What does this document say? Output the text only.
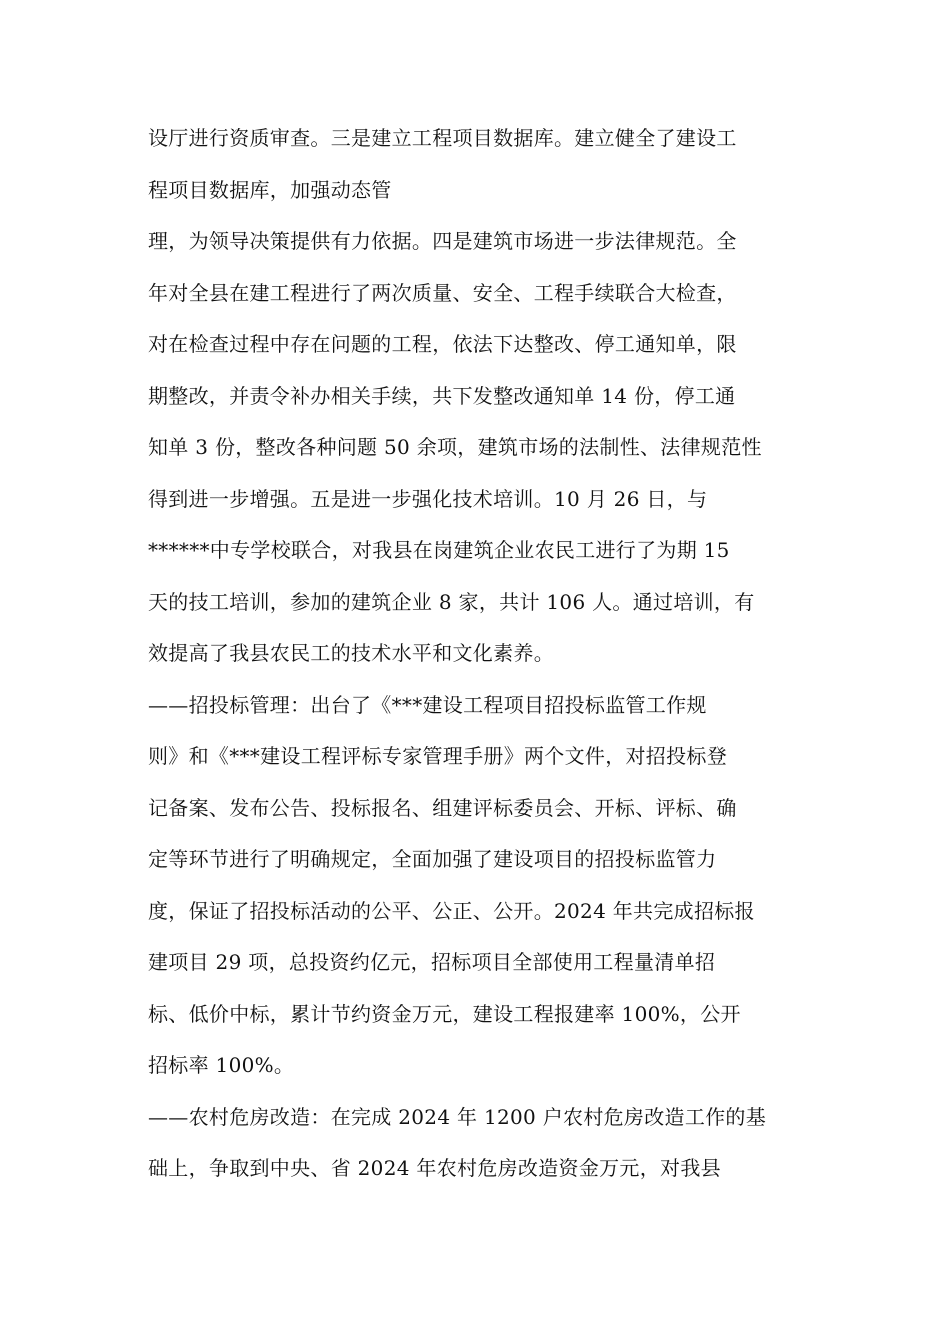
设厅进行资质审查。三是建立工程项目数据库。建立健全了建设工
程项目数据库，加强动态管
理，为领导决策提供有力依据。四是建筑市场进一步法律规范。全
年对全县在建工程进行了两次质量、安全、工程手续联合大检查，
对在检查过程中存在问题的工程，依法下达整改、停工通知单，限
期整改，并责令补办相关手续，共下发整改通知单 14 份，停工通
知单 3 份，整改各种问题 50 余项，建筑市场的法制性、法律规范性
得到进一步增强。五是进一步强化技术培训。10 月 26 日，与
******中专学校联合，对我县在岗建筑企业农民工进行了为期 15
天的技工培训，参加的建筑企业 8 家，共计 106 人。通过培训，有
效提高了我县农民工的技术水平和文化素养。
——招投标管理：出台了《***建设工程项目招投标监管工作规
则》和《***建设工程评标专家管理手册》两个文件，对招投标登
记备案、发布公告、投标报名、组建评标委员会、开标、评标、确
定等环节进行了明确规定，全面加强了建设项目的招投标监管力
度，保证了招投标活动的公平、公正、公开。2024 年共完成招标报
建项目 29 项，总投资约亿元，招标项目全部使用工程量清单招
标、低价中标，累计节约资金万元，建设工程报建率 100%，公开
招标率 100%。
——农村危房改造：在完成 2024 年 1200 户农村危房改造工作的基
础上，争取到中央、省 2024 年农村危房改造资金万元，对我县
